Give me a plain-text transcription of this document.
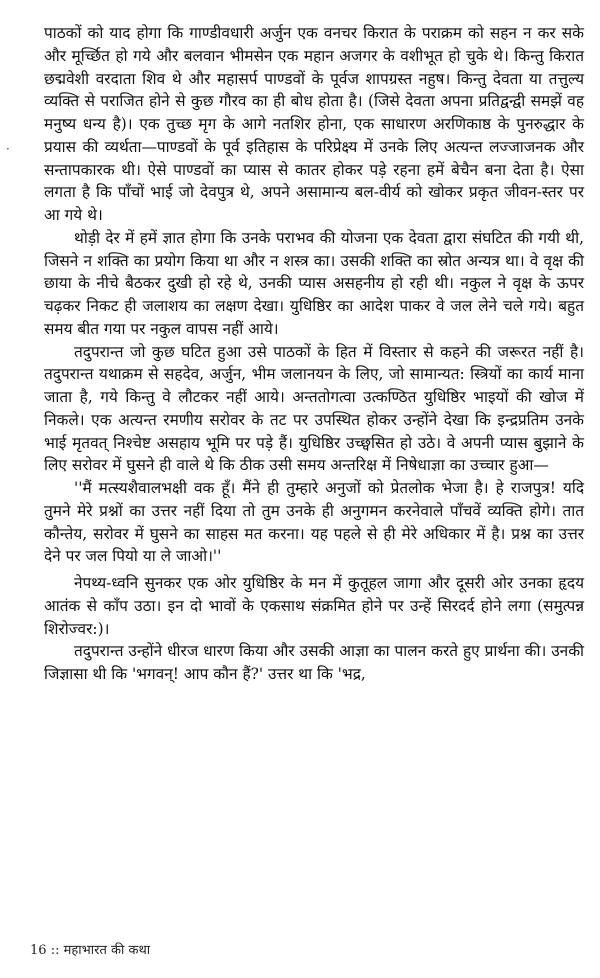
·

पाठकों को याद होगा कि गाण्डीवधारी अर्जुन एक वनचर किरात के पराक्रम को सहन न कर सके और मूर्च्छित हो गये और बलवान भीमसेन एक महान अजगर के वशीभूत हो चुके थे। किन्तु किरात छद्मवेशी वरदाता शिव थे और महासर्प पाण्डवों के पूर्वज शापग्रस्त नहुष। किन्तु देवता या तत्तुल्य व्यक्ति से पराजित होने से कुछ गौरव का ही बोध होता है। (जिसे देवता अपना प्रतिद्वन्द्वी समझें वह मनुष्य धन्य है)। एक तुच्छ मृग के आगे नतशिर होना, एक साधारण अरणिकाष्ठ के पुनरुद्धार के प्रयास की व्यर्थता—पाण्डवों के पूर्व इतिहास के परिप्रेक्ष्य में उनके लिए अत्यन्त लज्जाजनक और सन्तापकारक थी। ऐसे पाण्डवों का प्यास से कातर होकर पड़े रहना हमें बेचैन बना देता है। ऐसा लगता है कि पाँचों भाई जो देवपुत्र थे, अपने असामान्य बल-वीर्य को खोकर प्रकृत जीवन-स्तर पर आ गये थे।

थोड़ी देर में हमें ज्ञात होगा कि उनके पराभव की योजना एक देवता द्वारा संघटित की गयी थी, जिसने न शक्ति का प्रयोग किया था और न शस्त्र का। उसकी शक्ति का स्रोत अन्यत्र था। वे वृक्ष की छाया के नीचे बैठकर दुखी हो रहे थे, उनकी प्यास असहनीय हो रही थी। नकुल ने वृक्ष के ऊपर चढ़कर निकट ही जलाशय का लक्षण देखा। युधिष्ठिर का आदेश पाकर वे जल लेने चले गये। बहुत समय बीत गया पर नकुल वापस नहीं आये।

तदुपरान्त जो कुछ घटित हुआ उसे पाठकों के हित में विस्तार से कहने की जरूरत नहीं है। तदुपरान्त यथाक्रम से सहदेव, अर्जुन, भीम जलानयन के लिए, जो सामान्यत: स्त्रियों का कार्य माना जाता है, गये किन्तु वे लौटकर नहीं आये। अन्ततोगत्वा उत्कण्ठित युधिष्ठिर भाइयों की खोज में निकले। एक अत्यन्त रमणीय सरोवर के तट पर उपस्थित होकर उन्होंने देखा कि इन्द्रप्रतिम उनके भाई मृतवत् निश्चेष्ट असहाय भूमि पर पड़े हैं। युधिष्ठिर उच्छ्वसित हो उठे। वे अपनी प्यास बुझाने के लिए सरोवर में घुसने ही वाले थे कि ठीक उसी समय अन्तरिक्ष में निषेधाज्ञा का उच्चार हुआ—

''मैं मत्स्यशैवालभक्षी वक हूँ। मैंने ही तुम्हारे अनुजों को प्रेतलोक भेजा है। हे राजपुत्र! यदि तुमने मेरे प्रश्नों का उत्तर नहीं दिया तो तुम उनके ही अनुगमन करनेवाले पाँचवें व्यक्ति होगे। तात कौन्तेय, सरोवर में घुसने का साहस मत करना। यह पहले से ही मेरे अधिकार में है। प्रश्न का उत्तर देने पर जल पियो या ले जाओ।''

नेपथ्य-ध्वनि सुनकर एक ओर युधिष्ठिर के मन में कुतूहल जागा और दूसरी ओर उनका हृदय आतंक से काँप उठा। इन दो भावों के एकसाथ संक्रमित होने पर उन्हें सिरदर्द होने लगा (समुत्पन्न शिरोज्वर:)।

तदुपरान्त उन्होंने धीरज धारण किया और उसकी आज्ञा का पालन करते हुए प्रार्थना की। उनकी जिज्ञासा थी कि 'भगवन्! आप कौन हैं?' उत्तर था कि 'भद्र,

16 :: महाभारत की कथा
